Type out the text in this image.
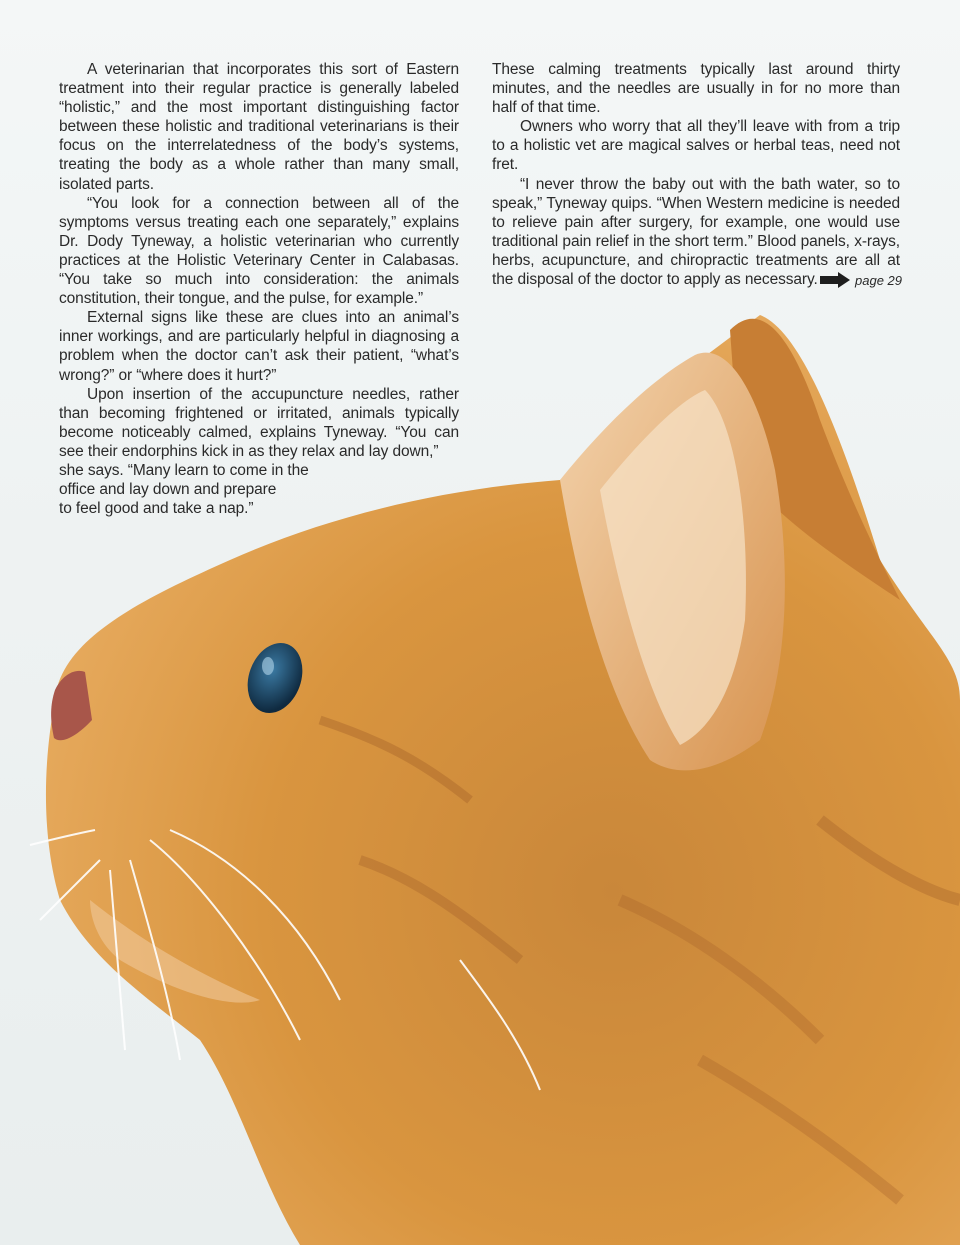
A veterinarian that incorporates this sort of Eastern treatment into their regular practice is generally labeled “holistic,” and the most important distinguishing factor between these holistic and traditional veterinarians is their focus on the interrelatedness of the body’s systems, treating the body as a whole rather than many small, isolated parts.

“You look for a connection between all of the symptoms versus treating each one separately,” explains Dr. Dody Tyneway, a holistic veterinarian who currently practices at the Holistic Veterinary Center in Calabasas. “You take so much into consideration: the animals constitution, their tongue, and the pulse, for example.”

External signs like these are clues into an animal’s inner workings, and are particularly helpful in diagnosing a problem when the doctor can’t ask their patient, “what’s wrong?” or “where does it hurt?”

Upon insertion of the accupuncture needles, rather than becoming frightened or irritated, animals typically become noticeably calmed, explains Tyneway. “You can see their endorphins kick in as they relax and lay down,”

she says. “Many learn to come in the
office and lay down and prepare
to feel good and take a nap.”

These calming treatments typically last around thirty minutes, and the needles are usually in for no more than half of that time.

Owners who worry that all they’ll leave with from a trip to a holistic vet are magical salves or herbal teas, need not fret.

“I never throw the baby out with the bath water, so to speak,” Tyneway quips. “When Western medicine is needed to relieve pain after surgery, for example, one would use traditional pain relief in the short term.” Blood panels, x-rays, herbs, acupuncture, and chiropractic treatments are all at the disposal of the doctor to apply as necessary.	page 29
